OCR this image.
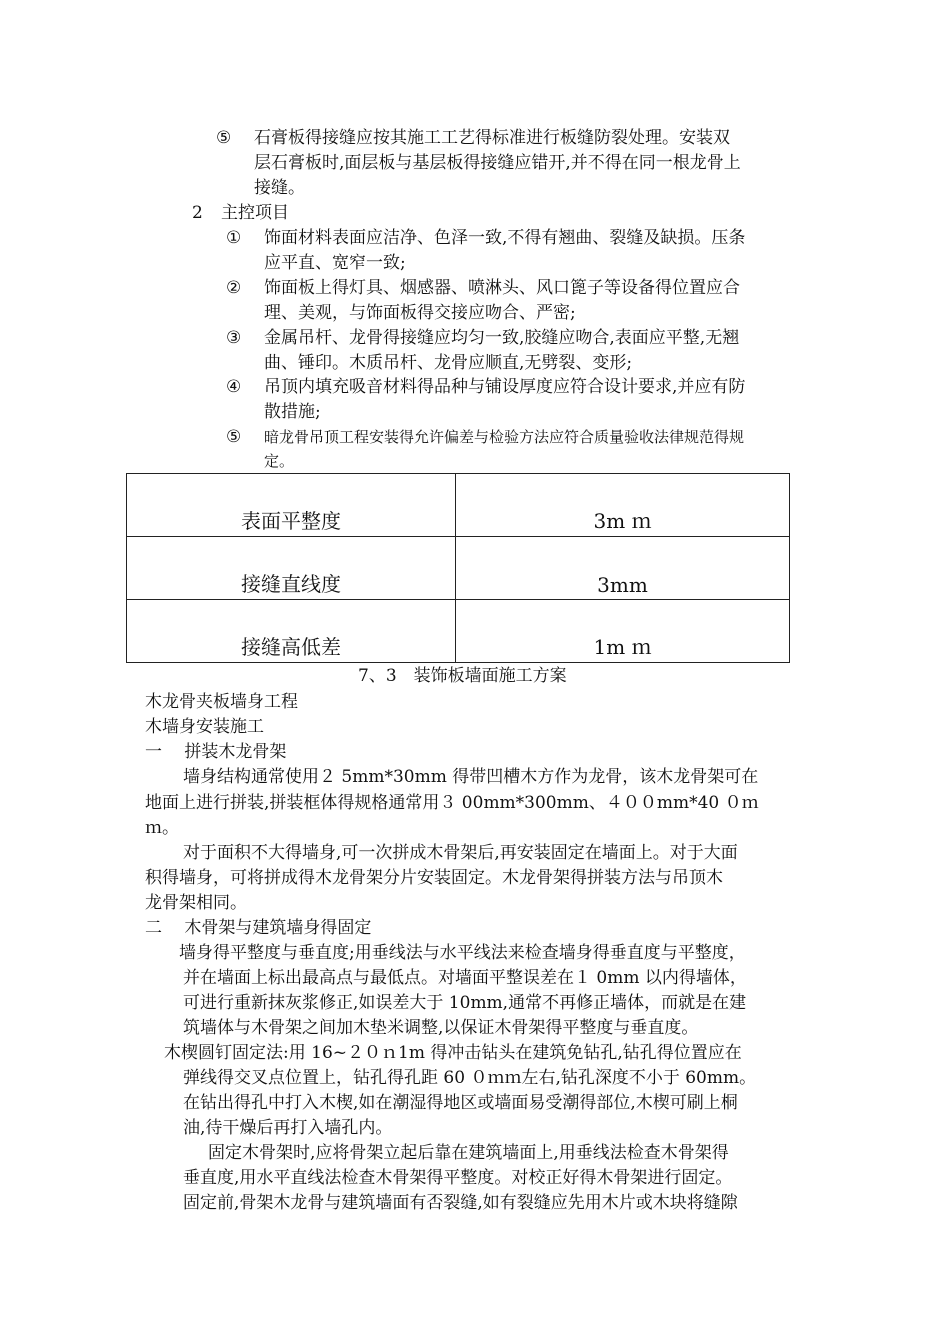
⑤ 石膏板得接缝应按其施工工艺得标准进行板缝防裂处理。安装双
层石膏板时,面层板与基层板得接缝应错开,并不得在同一根龙骨上
接缝。
2 主控项目
① 饰面材料表面应洁净、色泽一致,不得有翘曲、裂缝及缺损。压条
应平直、宽窄一致;
② 饰面板上得灯具、烟感器、喷淋头、风口篦子等设备得位置应合
理、美观，与饰面板得交接应吻合、严密;
③ 金属吊杆、龙骨得接缝应均匀一致,胶缝应吻合,表面应平整,无翘
曲、锤印。木质吊杆、龙骨应顺直,无劈裂、变形;
④ 吊顶内填充吸音材料得品种与铺设厚度应符合设计要求,并应有防
散措施;
⑤ 暗龙骨吊顶工程安装得允许偏差与检验方法应符合质量验收法律规范得规
定。
表面平整度	3m ｍ

接缝直线度	3mm

接缝高低差	1m ｍ
7、3　装饰板墙面施工方案
木龙骨夹板墙身工程
木墙身安装施工
一　 拼装木龙骨架
墙身结构通常使用２ 5mm*30mm 得带凹槽木方作为龙骨，该木龙骨架可在
地面上进行拼装,拼装框体得规格通常用３ 00mm*300mm、４００mm*40 ０ｍ
ｍ。
对于面积不大得墙身,可一次拼成木骨架后,再安装固定在墙面上。对于大面
积得墙身，可将拼成得木龙骨架分片安装固定。木龙骨架得拼装方法与吊顶木
龙骨架相同。
二　 木骨架与建筑墙身得固定
墙身得平整度与垂直度;用垂线法与水平线法来检查墙身得垂直度与平整度，
并在墙面上标出最高点与最低点。对墙面平整误差在１ 0mm 以内得墙体，
可进行重新抹灰浆修正,如误差大于 10mm,通常不再修正墙体，而就是在建
筑墙体与木骨架之间加木垫米调整,以保证木骨架得平整度与垂直度。
木楔圆钉固定法:用 16~２０ｎ1m 得冲击钻头在建筑免钻孔,钻孔得位置应在
弹线得交叉点位置上，钻孔得孔距 60 ０ｍｍ左右,钻孔深度不小于 60mm。
在钻出得孔中打入木楔,如在潮湿得地区或墙面易受潮得部位,木楔可刷上桐
油,待干燥后再打入墙孔内。
固定木骨架时,应将骨架立起后靠在建筑墙面上,用垂线法检查木骨架得
垂直度,用水平直线法检查木骨架得平整度。对校正好得木骨架进行固定。
固定前,骨架木龙骨与建筑墙面有否裂缝,如有裂缝应先用木片或木块将缝隙
